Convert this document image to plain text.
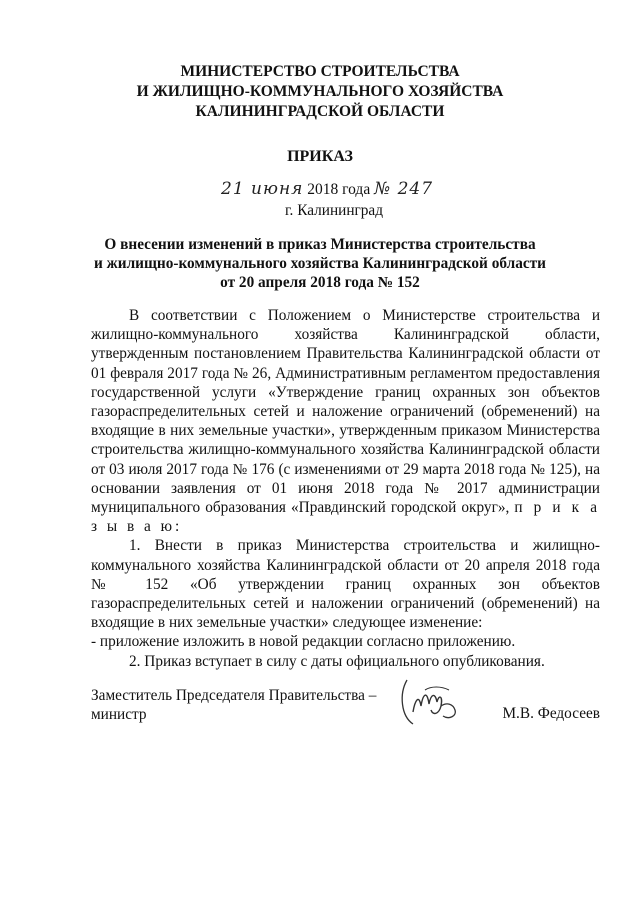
МИНИСТЕРСТВО СТРОИТЕЛЬСТВА
И ЖИЛИЩНО-КОММУНАЛЬНОГО ХОЗЯЙСТВА
КАЛИНИНГРАДСКОЙ ОБЛАСТИ
ПРИКАЗ
21 июня 2018 года № 247
г. Калининград
О внесении изменений в приказ Министерства строительства
и жилищно-коммунального хозяйства Калининградской области
от 20 апреля 2018 года № 152

В соответствии с Положением о Министерстве строительства и жилищно-коммунального хозяйства Калининградской области, утвержденным постановлением Правительства Калининградской области от 01 февраля 2017 года № 26, Административным регламентом предоставления государственной услуги «Утверждение границ охранных зон объектов газораспределительных сетей и наложение ограничений (обременений) на входящие в них земельные участки», утвержденным приказом Министерства строительства жилищно-коммунального хозяйства Калининградской области от 03 июля 2017 года № 176 (с изменениями от 29 марта 2018 года № 125), на основании заявления от 01 июня 2018 года № 2017 администрации муниципального образования «Правдинский городской округ», п р и к а з ы в а ю:

1. Внести в приказ Министерства строительства и жилищно-коммунального хозяйства Калининградской области от 20 апреля 2018 года № 152 «Об утверждении границ охранных зон объектов газораспределительных сетей и наложении ограничений (обременений) на входящие в них земельные участки» следующее изменение:

- приложение изложить в новой редакции согласно приложению.

2. Приказ вступает в силу с даты официального опубликования.

Заместитель Председателя Правительства –
министр	М.В. Федосеев
